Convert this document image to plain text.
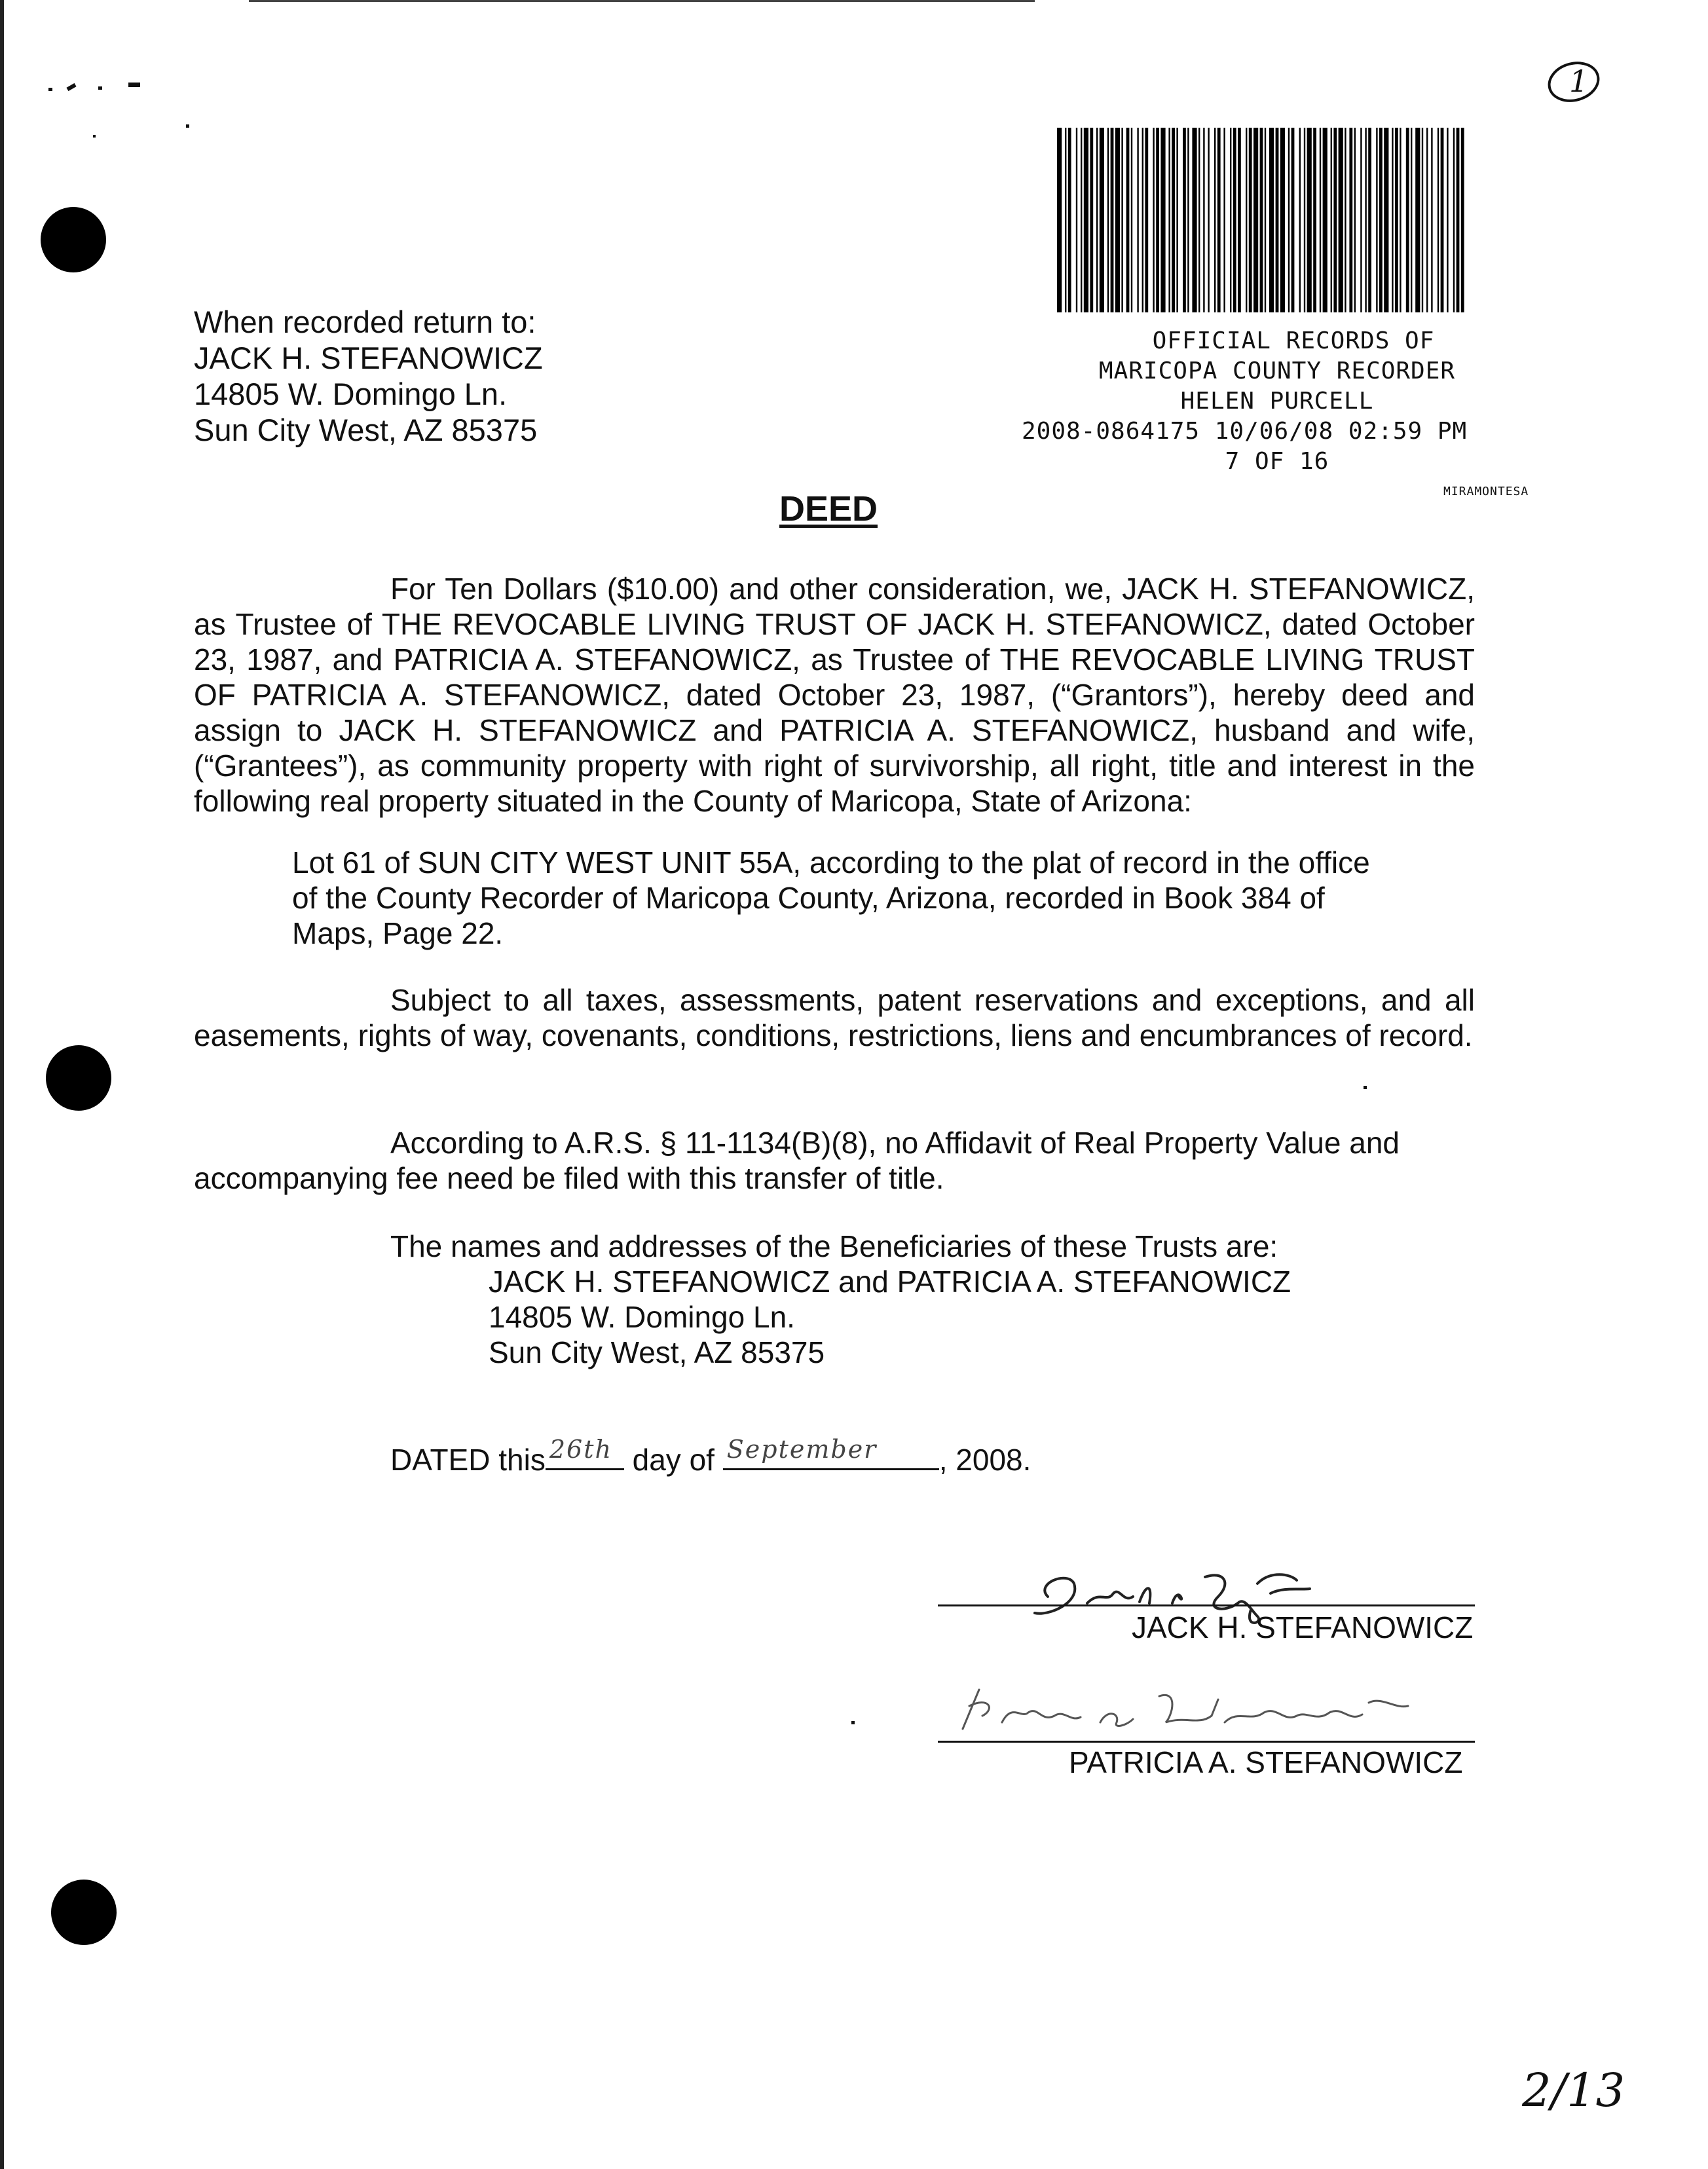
1
When recorded return to:
JACK H. STEFANOWICZ
14805 W. Domingo Ln.
Sun City West, AZ 85375
OFFICIAL RECORDS OF
MARICOPA COUNTY RECORDER
HELEN PURCELL
2008-0864175 10/06/08 02:59 PM
7 OF 16
MIRAMONTESA
DEED
For Ten Dollars ($10.00) and other consideration, we, JACK H. STEFANOWICZ, as Trustee of THE REVOCABLE LIVING TRUST OF JACK H. STEFANOWICZ, dated October 23, 1987, and PATRICIA A. STEFANOWICZ, as Trustee of THE REVOCABLE LIVING TRUST OF PATRICIA A. STEFANOWICZ, dated October 23, 1987, (“Grantors”), hereby deed and assign to JACK H. STEFANOWICZ and PATRICIA A. STEFANOWICZ, husband and wife, (“Grantees”), as community property with right of survivorship, all right, title and interest in the following real property situated in the County of Maricopa, State of Arizona:
Lot 61 of SUN CITY WEST UNIT 55A, according to the plat of record in the office
of the County Recorder of Maricopa County, Arizona, recorded in Book 384 of
Maps, Page 22.
Subject to all taxes, assessments, patent reservations and exceptions, and all easements, rights of way, covenants, conditions, restrictions, liens and encumbrances of record.
According to A.R.S. § 11-1134(B)(8), no Affidavit of Real Property Value and accompanying fee need be filed with this transfer of title.
The names and addresses of the Beneficiaries of these Trusts are:
JACK H. STEFANOWICZ and PATRICIA A. STEFANOWICZ
14805 W. Domingo Ln.
Sun City West, AZ 85375
DATED this 26th day of September , 2008.
JACK H. STEFANOWICZ
PATRICIA A. STEFANOWICZ
2/13
